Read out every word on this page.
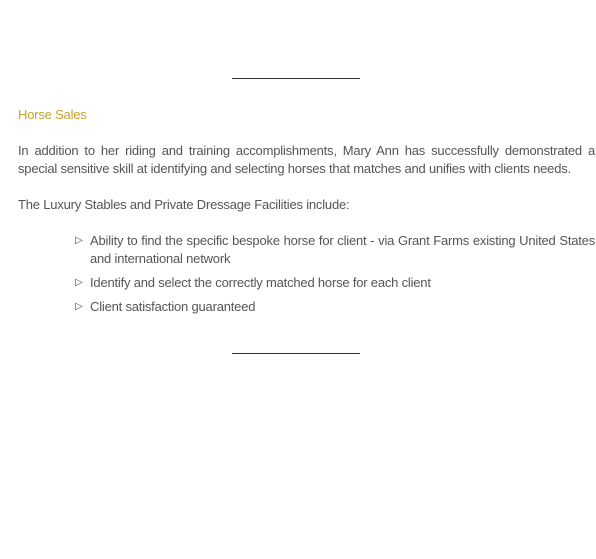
Horse Sales

In addition to her riding and training accomplishments, Mary Ann has successfully demonstrated a special sensitive skill at identifying and selecting horses that matches and unifies with clients needs.

The Luxury Stables and Private Dressage Facilities include:

▷ Ability to find the specific bespoke horse for client - via Grant Farms existing United States and international network
▷ Identify and select the correctly matched horse for each client
▷ Client satisfaction guaranteed
